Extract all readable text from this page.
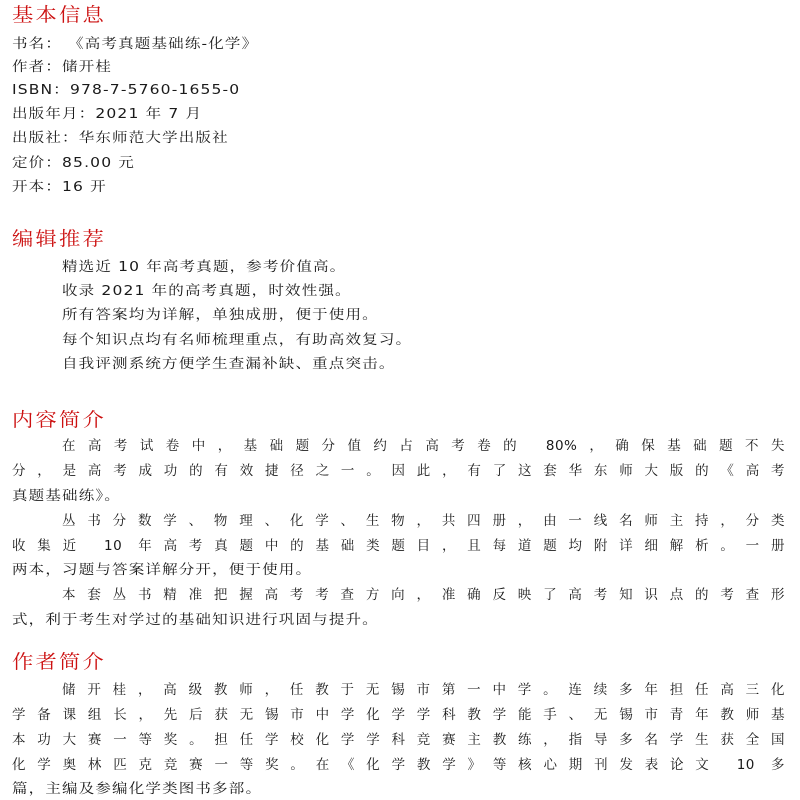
基本信息
书名： 《高考真题基础练-化学》
作者：储开桂
ISBN：978-7-5760-1655-0
出版年月：2021 年 7 月
出版社：华东师范大学出版社
定价：85.00 元
开本：16 开
编辑推荐
精选近 10 年高考真题，参考价值高。
收录 2021 年的高考真题，时效性强。
所有答案均为详解，单独成册，便于使用。
每个知识点均有名师梳理重点，有助高效复习。
自我评测系统方便学生查漏补缺、重点突击。
内容简介
在高考试卷中，基础题分值约占高考卷的 80%，确保基础题不失
分，是高考成功的有效捷径之一。因此，有了这套华东师大版的《高考
真题基础练》。
丛书分数学、物理、化学、生物，共四册，由一线名师主持，分类
收集近 10 年高考真题中的基础类题目，且每道题均附详细解析。一册
两本，习题与答案详解分开，便于使用。
本套丛书精准把握高考考查方向，准确反映了高考知识点的考查形
式，利于考生对学过的基础知识进行巩固与提升。
作者简介
储开桂，高级教师，任教于无锡市第一中学。连续多年担任高三化
学备课组长，先后获无锡市中学化学学科教学能手、无锡市青年教师基
本功大赛一等奖。担任学校化学学科竞赛主教练，指导多名学生获全国
化学奥林匹克竞赛一等奖。在《化学教学》等核心期刊发表论文 10 多
篇，主编及参编化学类图书多部。
